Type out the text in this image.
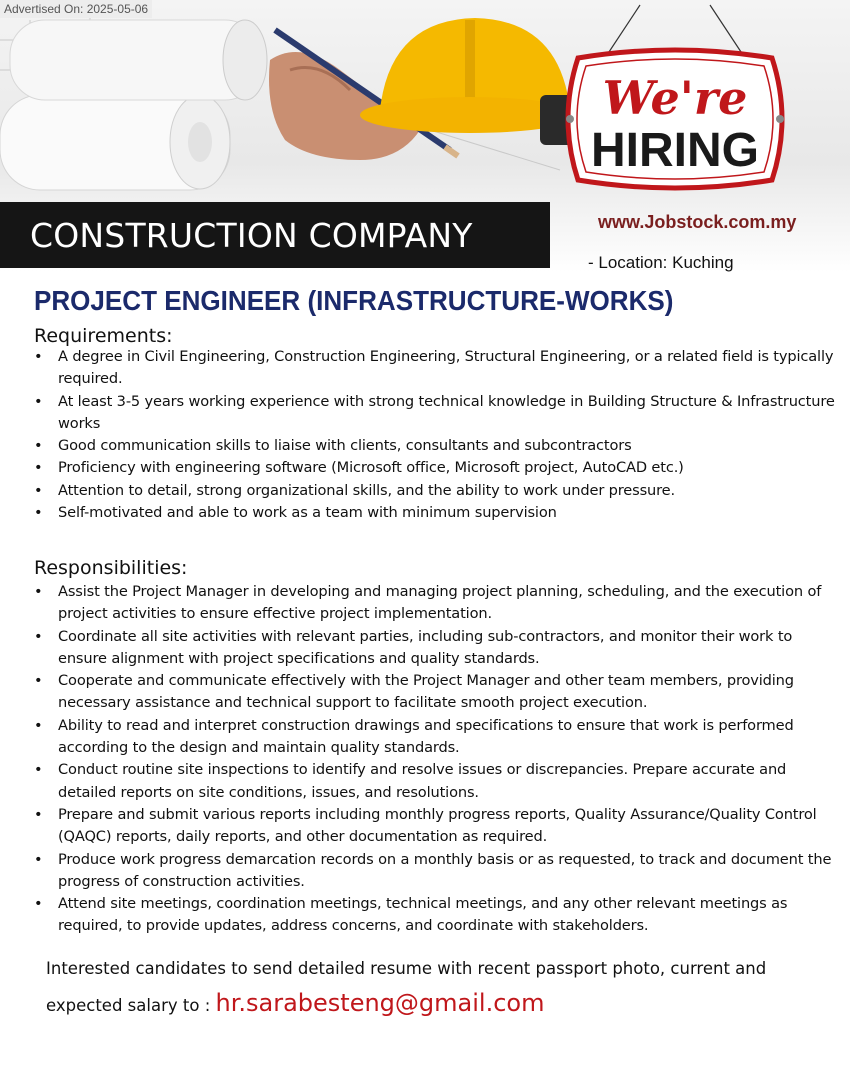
Advertised On: 2025-05-06
We're
HIRING
CONSTRUCTION COMPANY	www.Jobstock.com.my
- Location: Kuching
PROJECT ENGINEER (INFRASTRUCTURE-WORKS)
Requirements:
• A degree in Civil Engineering, Construction Engineering, Structural Engineering, or a related field is typically required.
• At least 3-5 years working experience with strong technical knowledge in Building Structure & Infrastructure works
• Good communication skills to liaise with clients, consultants and subcontractors
• Proficiency with engineering software (Microsoft office, Microsoft project, AutoCAD etc.)
• Attention to detail, strong organizational skills, and the ability to work under pressure.
• Self-motivated and able to work as a team with minimum supervision
Responsibilities:
• Assist the Project Manager in developing and managing project planning, scheduling, and the execution of project activities to ensure effective project implementation.
• Coordinate all site activities with relevant parties, including sub-contractors, and monitor their work to ensure alignment with project specifications and quality standards.
• Cooperate and communicate effectively with the Project Manager and other team members, providing necessary assistance and technical support to facilitate smooth project execution.
• Ability to read and interpret construction drawings and specifications to ensure that work is performed according to the design and maintain quality standards.
• Conduct routine site inspections to identify and resolve issues or discrepancies. Prepare accurate and detailed reports on site conditions, issues, and resolutions.
• Prepare and submit various reports including monthly progress reports, Quality Assurance/Quality Control (QAQC) reports, daily reports, and other documentation as required.
• Produce work progress demarcation records on a monthly basis or as requested, to track and document the progress of construction activities.
• Attend site meetings, coordination meetings, technical meetings, and any other relevant meetings as required, to provide updates, address concerns, and coordinate with stakeholders.
Interested candidates to send detailed resume with recent passport photo, current and expected salary to : hr.sarabesteng@gmail.com
